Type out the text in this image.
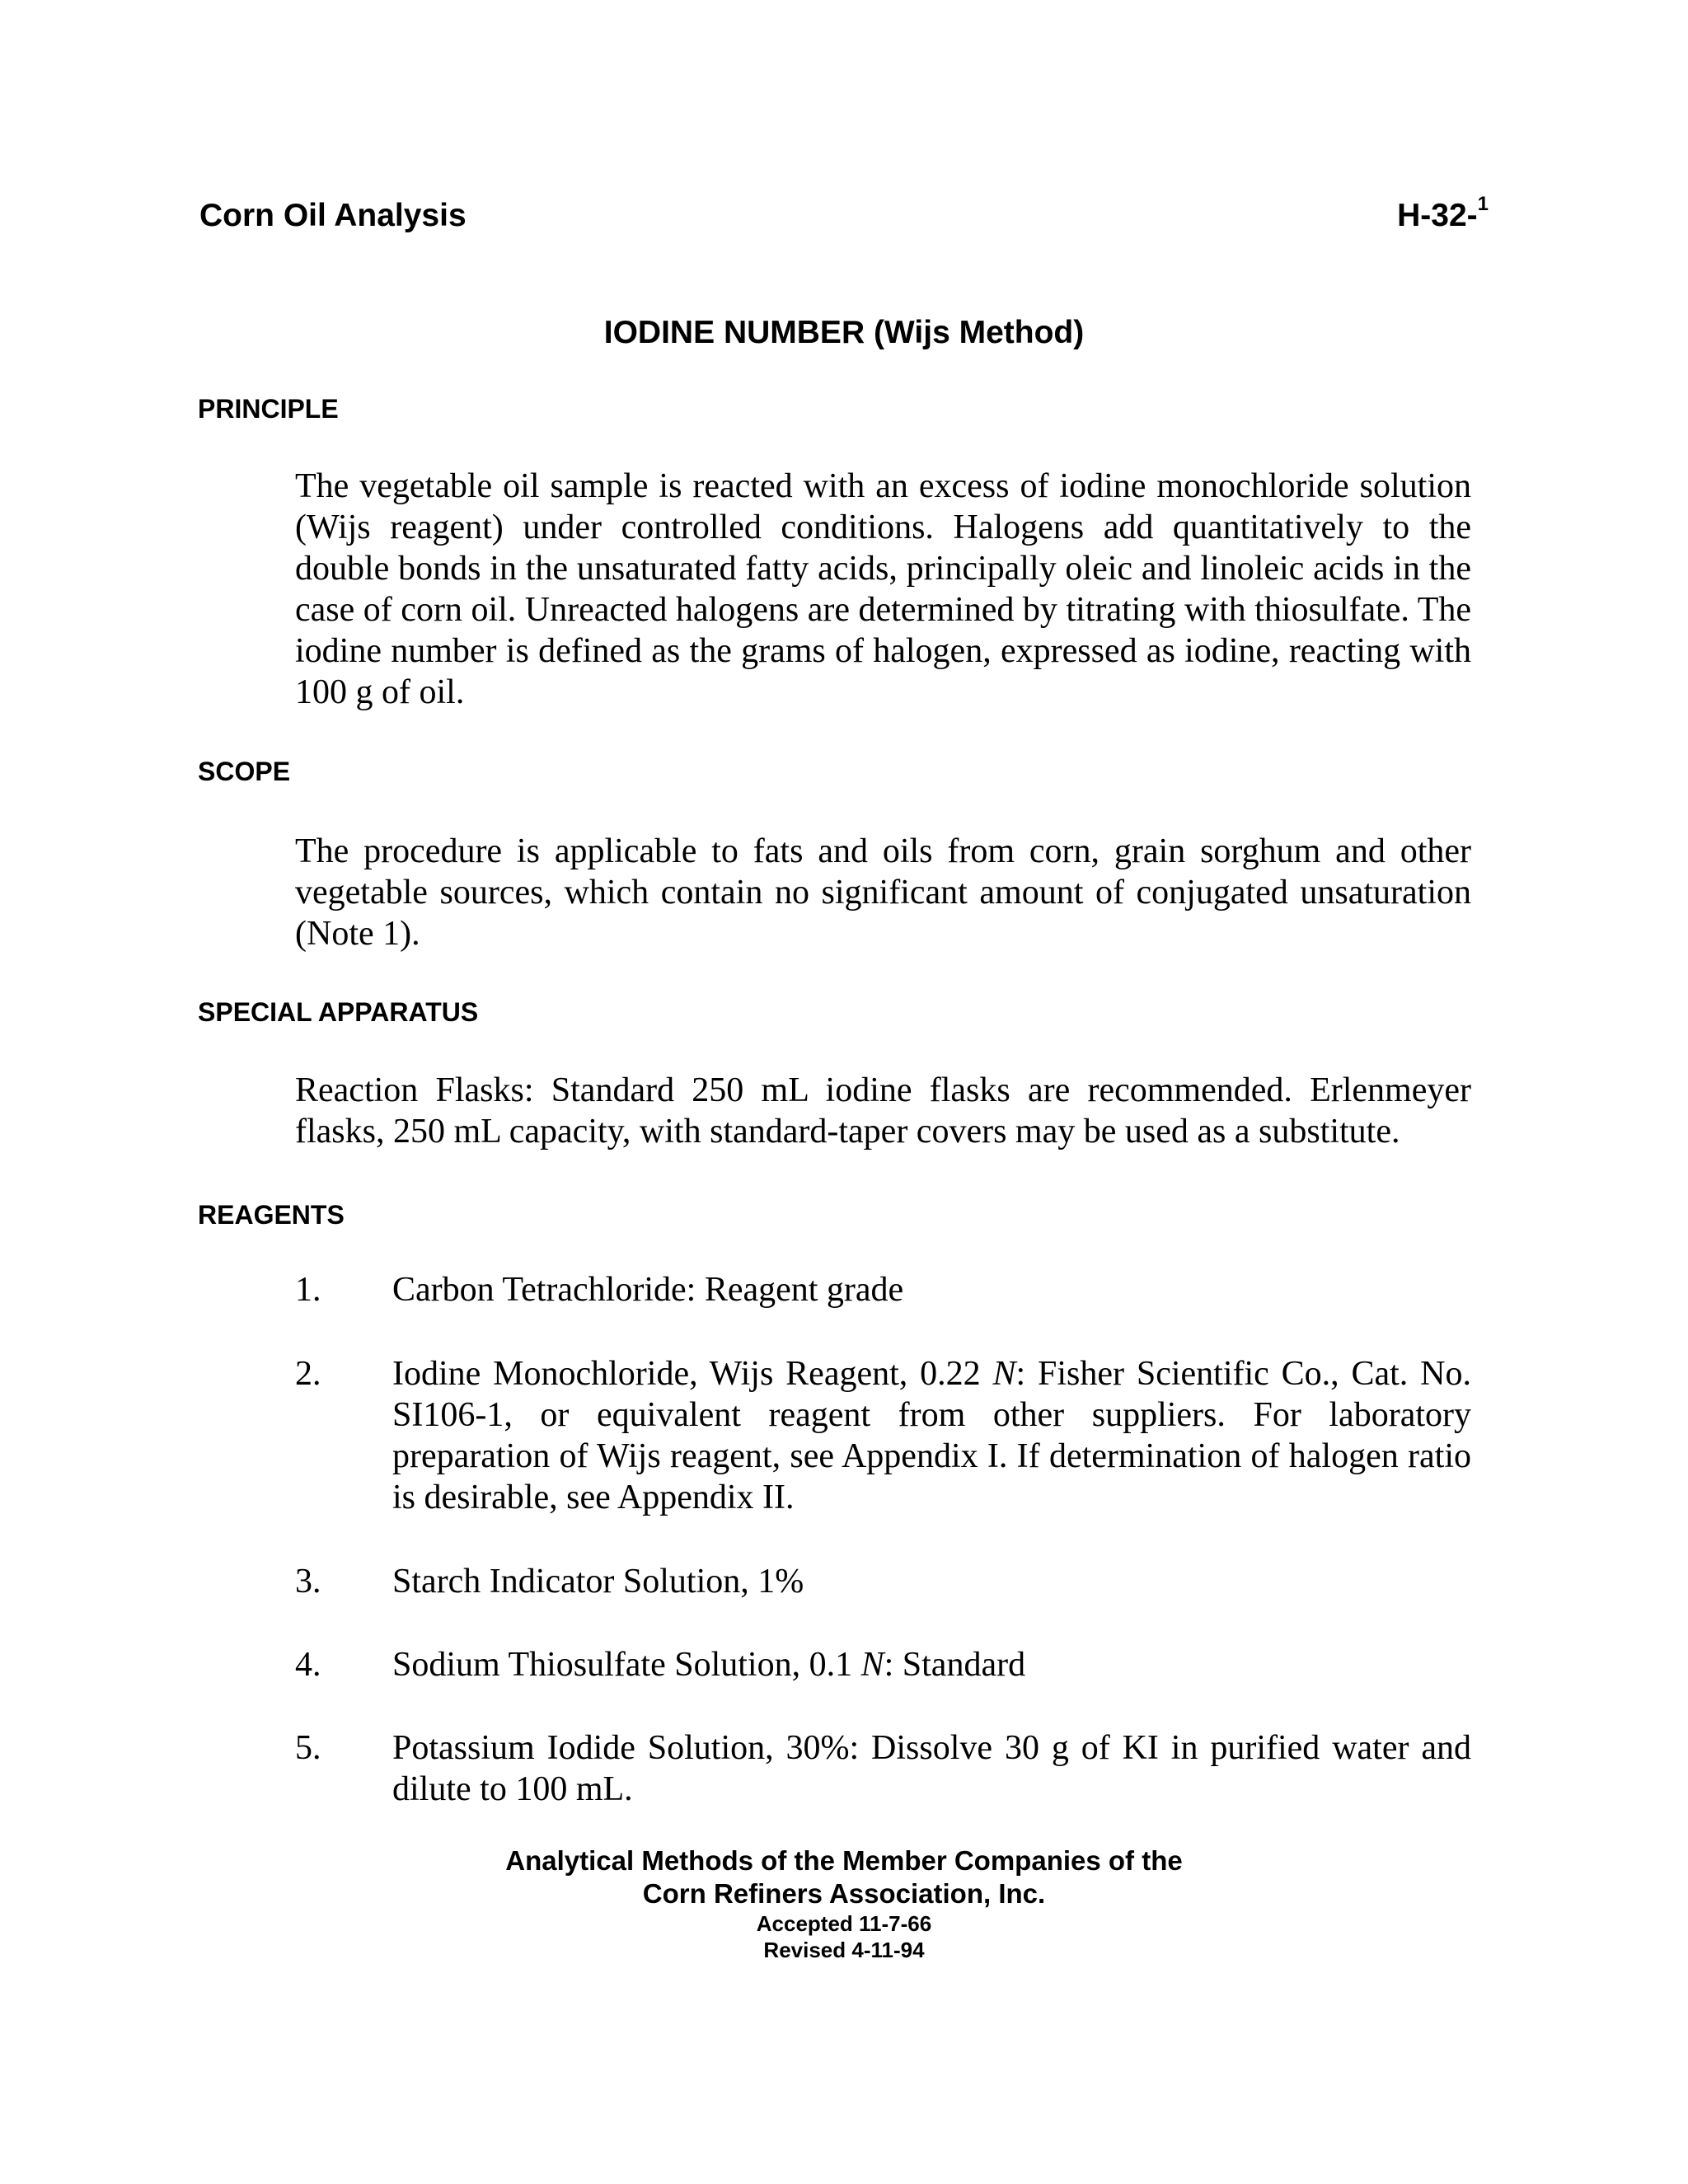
Corn Oil Analysis	H-32-$^1$
IODINE NUMBER (Wijs Method)
PRINCIPLE
The vegetable oil sample is reacted with an excess of iodine monochloride solution (Wijs reagent) under controlled conditions. Halogens add quantitatively to the double bonds in the unsaturated fatty acids, principally oleic and linoleic acids in the case of corn oil. Unreacted halogens are determined by titrating with thiosulfate. The iodine number is defined as the grams of halogen, expressed as iodine, reacting with 100 g of oil.
SCOPE
The procedure is applicable to fats and oils from corn, grain sorghum and other vegetable sources, which contain no significant amount of conjugated unsaturation (Note 1).
SPECIAL APPARATUS
Reaction Flasks: Standard 250 mL iodine flasks are recommended. Erlenmeyer flasks, 250 mL capacity, with standard-taper covers may be used as a substitute.
REAGENTS
1. Carbon Tetrachloride: Reagent grade
2. Iodine Monochloride, Wijs Reagent, 0.22 N: Fisher Scientific Co., Cat. No. SI106-1, or equivalent reagent from other suppliers. For laboratory preparation of Wijs reagent, see Appendix I. If determination of halogen ratio is desirable, see Appendix II.
3. Starch Indicator Solution, 1%
4. Sodium Thiosulfate Solution, 0.1 N: Standard
5. Potassium Iodide Solution, 30%: Dissolve 30 g of KI in purified water and dilute to 100 mL.
Analytical Methods of the Member Companies of the
Corn Refiners Association, Inc.
Accepted 11-7-66
Revised 4-11-94
